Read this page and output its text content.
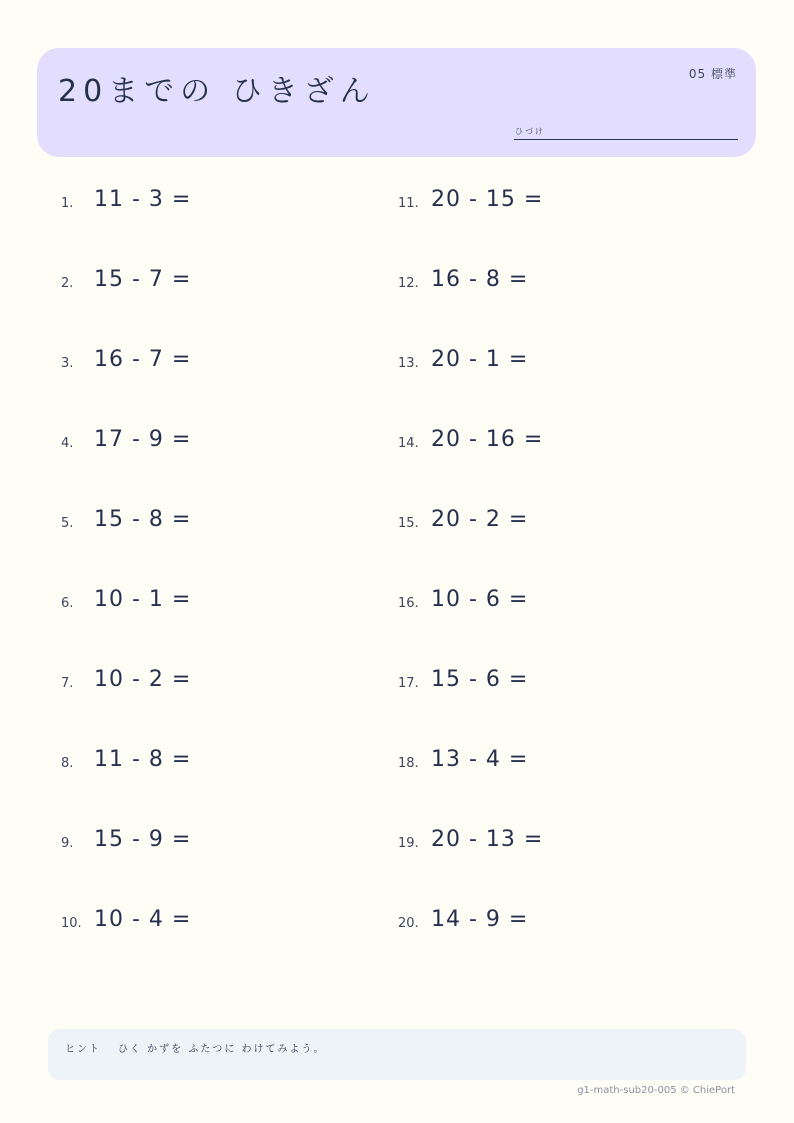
20までの ひきざん	05 標準
ひづけ
1. 11 - 3 =
2. 15 - 7 =
3. 16 - 7 =
4. 17 - 9 =
5. 15 - 8 =
6. 10 - 1 =
7. 10 - 2 =
8. 11 - 8 =
9. 15 - 9 =
10. 10 - 4 =
11. 20 - 15 =
12. 16 - 8 =
13. 20 - 1 =
14. 20 - 16 =
15. 20 - 2 =
16. 10 - 6 =
17. 15 - 6 =
18. 13 - 4 =
19. 20 - 13 =
20. 14 - 9 =
ヒント ひく かずを ふたつに わけてみよう。
g1-math-sub20-005 © ChiePort
